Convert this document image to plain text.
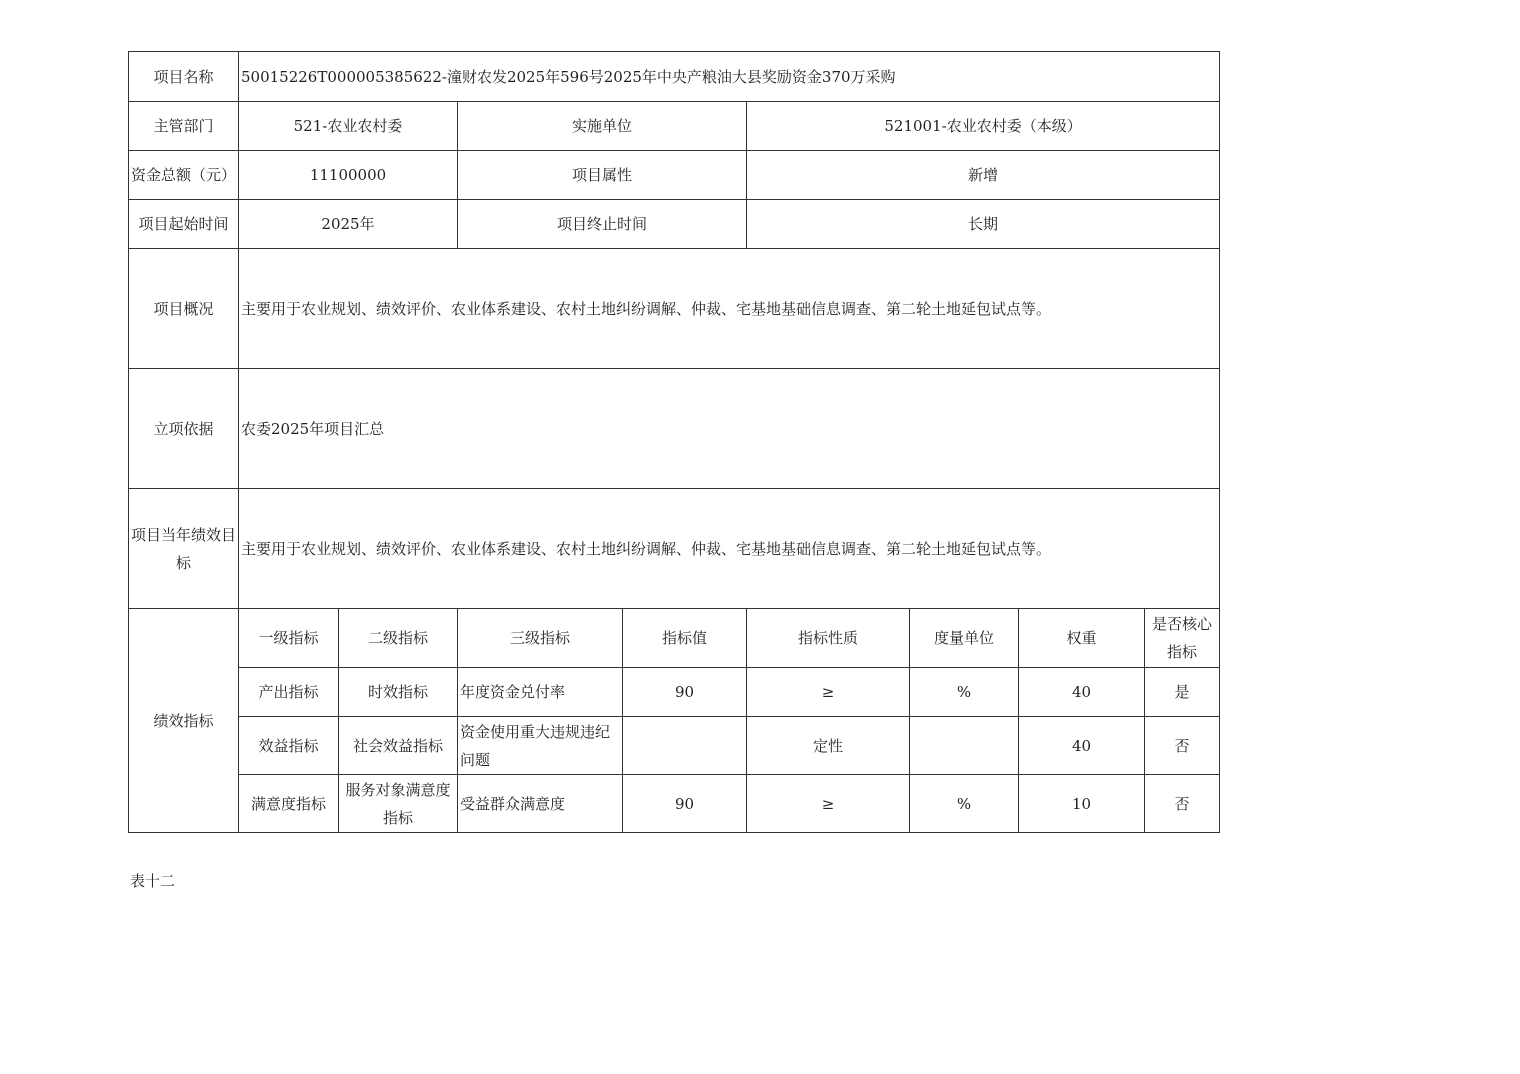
项目名称	50015226T000005385622-潼财农发2025年596号2025年中央产粮油大县奖励资金370万采购							
主管部门	521-农业农村委		实施单位		521001-农业农村委（本级）			
资金总额（元）	11100000		项目属性		新增			
项目起始时间	2025年		项目终止时间		长期			
项目概况	主要用于农业规划、绩效评价、农业体系建设、农村土地纠纷调解、仲裁、宅基地基础信息调查、第二轮土地延包试点等。							
立项依据	农委2025年项目汇总							
项目当年绩效目标	主要用于农业规划、绩效评价、农业体系建设、农村土地纠纷调解、仲裁、宅基地基础信息调查、第二轮土地延包试点等。							
绩效指标	一级指标	二级指标	三级指标	指标值	指标性质	度量单位	权重	是否核心指标
	产出指标	时效指标	年度资金兑付率	90	≥	%	40	是
	效益指标	社会效益指标	资金使用重大违规违纪问题		定性		40	否
	满意度指标	服务对象满意度指标	受益群众满意度	90	≥	%	10	否
表十二
